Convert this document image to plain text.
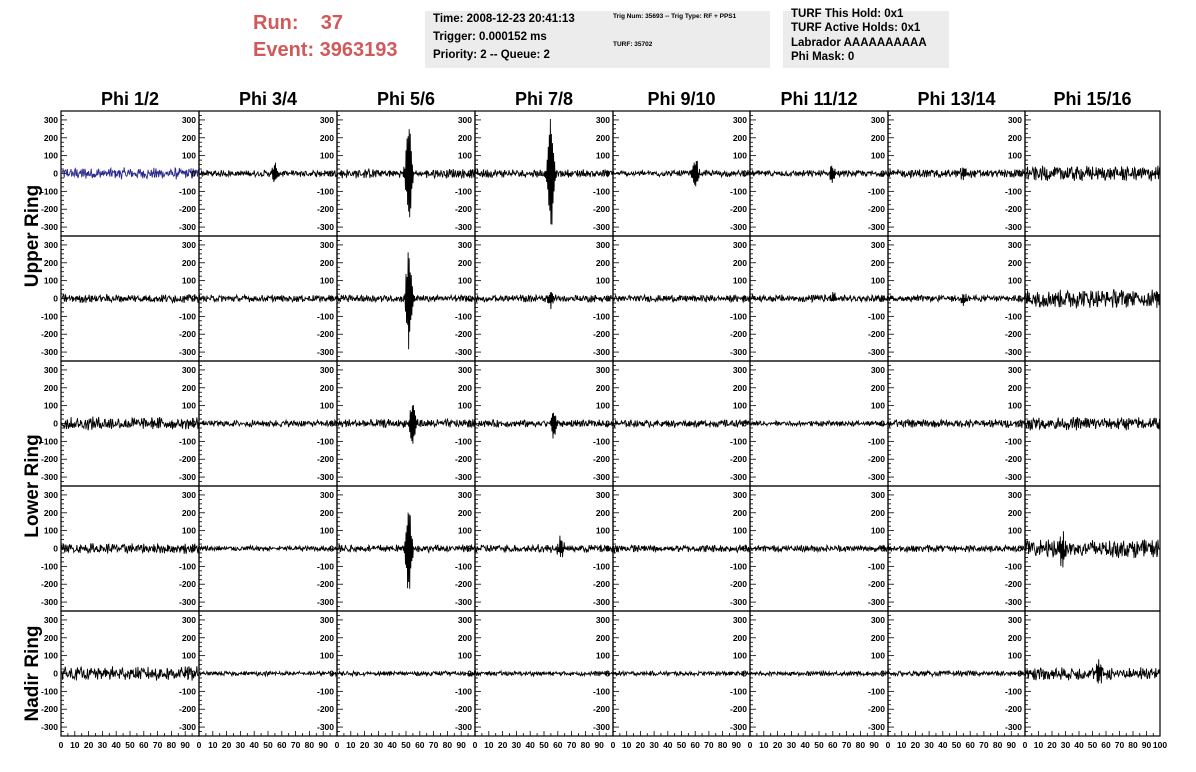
Run:    37
Event: 3963193
Time: 2008-12-23 20:41:13
Trigger: 0.000152 ms
Priority: 2 -- Queue: 2
Trig Num: 35693 -- Trig Type: RF + PPS1
TURF: 35702
TURF This Hold: 0x1
TURF Active Holds: 0x1
Labrador AAAAAAAAAA
Phi Mask: 0
Phi 1/2	Phi 3/4	Phi 5/6	Phi 7/8	Phi 9/10	Phi 11/12	Phi 13/14	Phi 15/16
Upper Ring
Lower Ring
Nadir Ring
-300
-200
-100
0
100
200
300
-300
-200
-100
0
100
200
300
-300
-200
-100
0
100
200
300
-300
-200
-100
0
100
200
300
-300
-200
-100
0
100
200
300
-300
-200
-100
0
100
200
300
-300
-200
-100
0
100
200
300
-300
-200
-100
0
100
200
300
-300
-200
-100
0
100
200
300
-300
-200
-100
0
100
200
300
-300
-200
-100
0
100
200
300
-300
-200
-100
0
100
200
300
-300
-200
-100
0
100
200
300
-300
-200
-100
0
100
200
300
-300
-200
-100
0
100
200
300
-300
-200
-100
0
100
200
300
-300
-200
-100
0
100
200
300
-300
-200
-100
0
100
200
300
-300
-200
-100
0
100
200
300
-300
-200
-100
0
100
200
300
-300
-200
-100
0
100
200
300
-300
-200
-100
0
100
200
300
-300
-200
-100
0
100
200
300
-300
-200
-100
0
100
200
300
-300
-200
-100
0
100
200
300
-300
-200
-100
0
100
200
300
-300
-200
-100
0
100
200
300
-300
-200
-100
0
100
200
300
-300
-200
-100
0
100
200
300
-300
-200
-100
0
100
200
300
-300
-200
-100
0
100
200
300
-300
-200
-100
0
100
200
300
-300
-200
-100
0
100
200
300
-300
-200
-100
0
100
200
300
-300
-200
-100
0
100
200
300
-300
-200
-100
0
100
200
300
-300
-200
-100
0
100
200
300
-300
-200
-100
0
100
200
300
-300
-200
-100
0
100
200
300
-300
-200
-100
0
100
200
300
0 10 20 30 40 50 60 70 80 90 0 10 20 30 40 50 60 70 80 90 0 10 20 30 40 50 60 70 80 90 0 10 20 30 40 50 60 70 80 90 0 10 20 30 40 50 60 70 80 90 0 10 20 30 40 50 60 70 80 90 0 10 20 30 40 50 60 70 80 90 0 10 20 30 40 50 60 70 80 90 100
